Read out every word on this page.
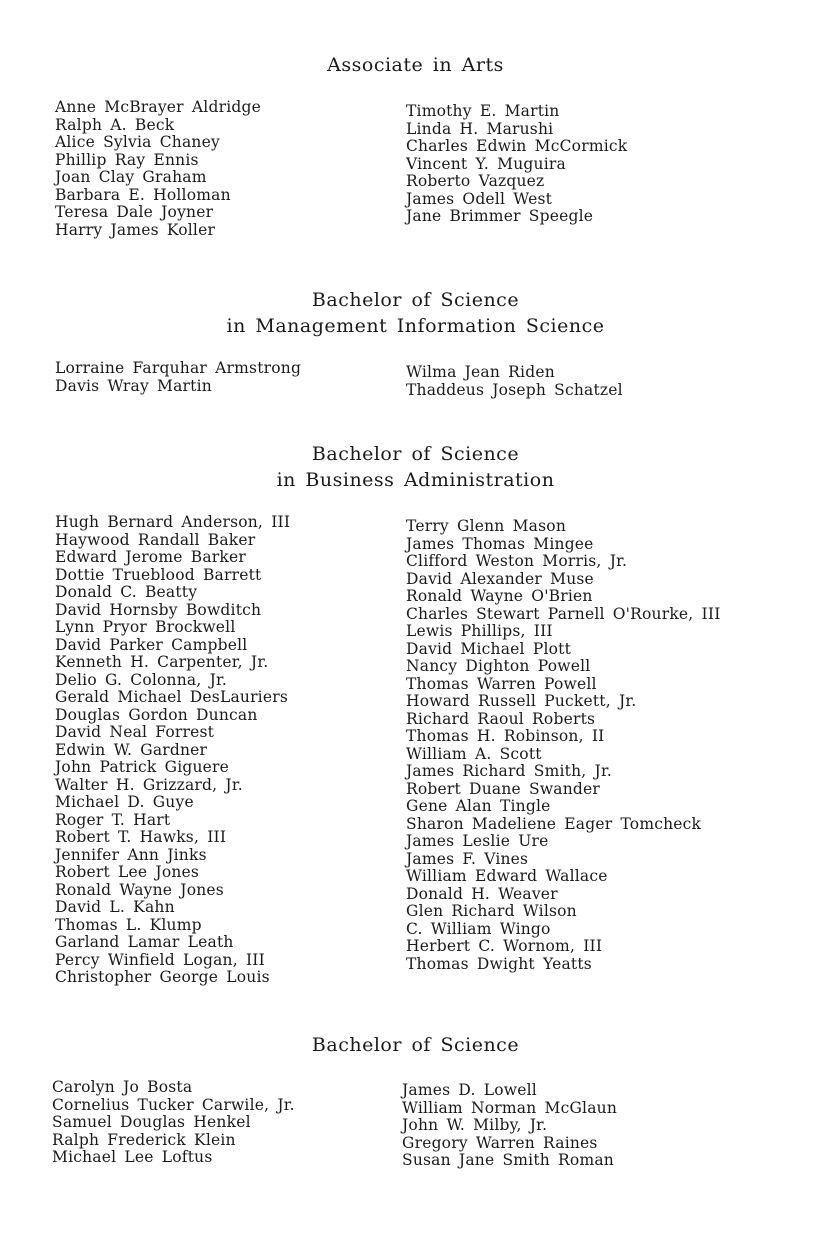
Associate in Arts
Anne McBrayer Aldridge
Ralph A. Beck
Alice Sylvia Chaney
Phillip Ray Ennis
Joan Clay Graham
Barbara E. Holloman
Teresa Dale Joyner
Harry James Koller
Timothy E. Martin
Linda H. Marushi
Charles Edwin McCormick
Vincent Y. Muguira
Roberto Vazquez
James Odell West
Jane Brimmer Speegle
Bachelor of Science
in Management Information Science
Lorraine Farquhar Armstrong
Davis Wray Martin
Wilma Jean Riden
Thaddeus Joseph Schatzel
Bachelor of Science
in Business Administration
Hugh Bernard Anderson, III
Haywood Randall Baker
Edward Jerome Barker
Dottie Trueblood Barrett
Donald C. Beatty
David Hornsby Bowditch
Lynn Pryor Brockwell
David Parker Campbell
Kenneth H. Carpenter, Jr.
Delio G. Colonna, Jr.
Gerald Michael DesLauriers
Douglas Gordon Duncan
David Neal Forrest
Edwin W. Gardner
John Patrick Giguere
Walter H. Grizzard, Jr.
Michael D. Guye
Roger T. Hart
Robert T. Hawks, III
Jennifer Ann Jinks
Robert Lee Jones
Ronald Wayne Jones
David L. Kahn
Thomas L. Klump
Garland Lamar Leath
Percy Winfield Logan, III
Christopher George Louis
Terry Glenn Mason
James Thomas Mingee
Clifford Weston Morris, Jr.
David Alexander Muse
Ronald Wayne O'Brien
Charles Stewart Parnell O'Rourke, III
Lewis Phillips, III
David Michael Plott
Nancy Dighton Powell
Thomas Warren Powell
Howard Russell Puckett, Jr.
Richard Raoul Roberts
Thomas H. Robinson, II
William A. Scott
James Richard Smith, Jr.
Robert Duane Swander
Gene Alan Tingle
Sharon Madeliene Eager Tomcheck
James Leslie Ure
James F. Vines
William Edward Wallace
Donald H. Weaver
Glen Richard Wilson
C. William Wingo
Herbert C. Wornom, III
Thomas Dwight Yeatts
Bachelor of Science
Carolyn Jo Bosta
Cornelius Tucker Carwile, Jr.
Samuel Douglas Henkel
Ralph Frederick Klein
Michael Lee Loftus
James D. Lowell
William Norman McGlaun
John W. Milby, Jr.
Gregory Warren Raines
Susan Jane Smith Roman
